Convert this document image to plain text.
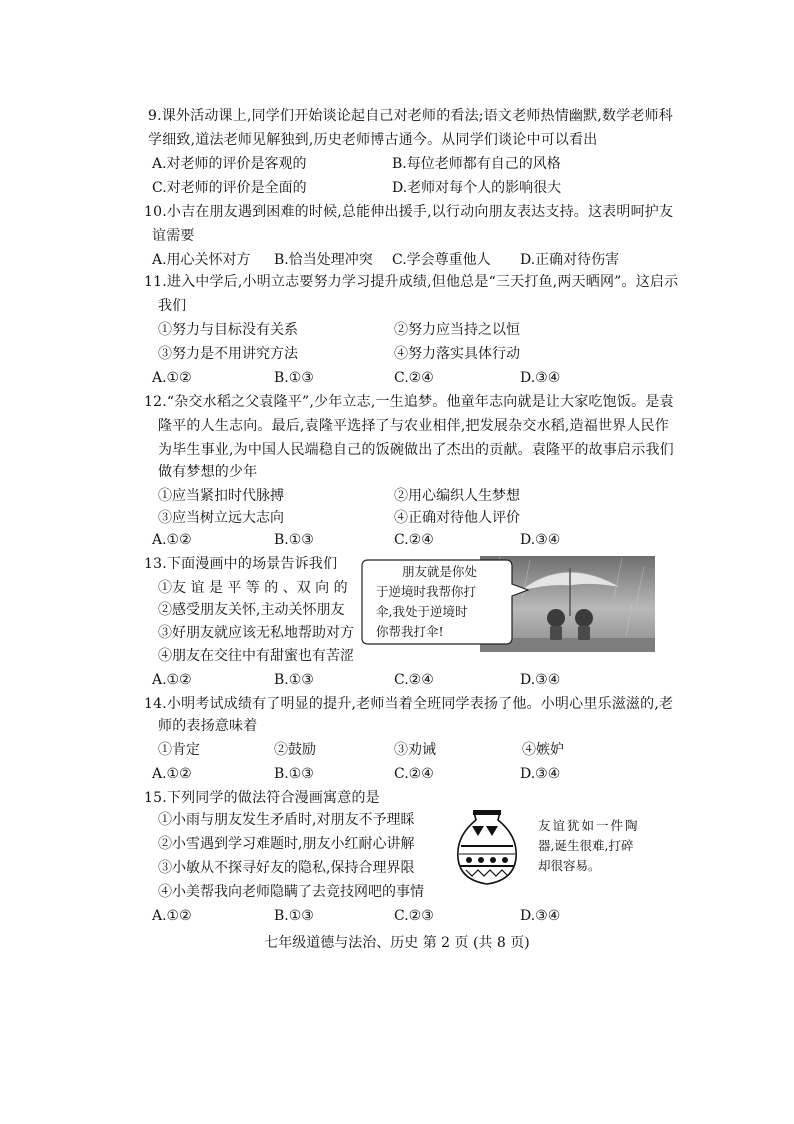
9.课外活动课上,同学们开始谈论起自己对老师的看法;语文老师热情幽默,数学老师科
学细致,道法老师见解独到,历史老师博古通今。从同学们谈论中可以看出
A.对老师的评价是客观的	B.每位老师都有自己的风格
C.对老师的评价是全面的	D.老师对每个人的影响很大
10.小吉在朋友遇到困难的时候,总能伸出援手,以行动向朋友表达支持。这表明呵护友
谊需要
A.用心关怀对方 B.恰当处理冲突 C.学会尊重他人 D.正确对待伤害
11.进入中学后,小明立志要努力学习提升成绩,但他总是“三天打鱼,两天晒网”。这启示
我们
①努力与目标没有关系	②努力应当持之以恒
③努力是不用讲究方法	④努力落实具体行动
A.①②	B.①③	C.②④	D.③④
12.“杂交水稻之父袁隆平”,少年立志,一生追梦。他童年志向就是让大家吃饱饭。是袁
隆平的人生志向。最后,袁隆平选择了与农业相伴,把发展杂交水稻,造福世界人民作
为毕生事业,为中国人民端稳自己的饭碗做出了杰出的贡献。袁隆平的故事启示我们
做有梦想的少年
①应当紧扣时代脉搏	②用心编织人生梦想
③应当树立远大志向	④正确对待他人评价
A.①②	B.①③	C.②④	D.③④
13.下面漫画中的场景告诉我们
①友 谊 是 平 等 的 、双 向 的
②感受朋友关怀,主动关怀朋友
③好朋友就应该无私地帮助对方
④朋友在交往中有甜蜜也有苦涩
朋友就是你处
于逆境时我帮你打
伞,我处于逆境时
你帮我打伞!
A.①②	B.①③	C.②④	D.③④
14.小明考试成绩有了明显的提升,老师当着全班同学表扬了他。小明心里乐滋滋的,老
师的表扬意味着
①肯定	②鼓励	③劝诫	④嫉妒
A.①②	B.①③	C.②④	D.③④
15.下列同学的做法符合漫画寓意的是
①小雨与朋友发生矛盾时,对朋友不予理睬
②小雪遇到学习难题时,朋友小红耐心讲解
③小敏从不探寻好友的隐私,保持合理界限
④小美帮我向老师隐瞒了去竞技网吧的事情
友谊犹如一件陶
器,诞生很难,打碎
却很容易。
A.①②	B.①③	C.②③	D.③④
七年级道德与法治、历史 第 2 页 (共 8 页)
